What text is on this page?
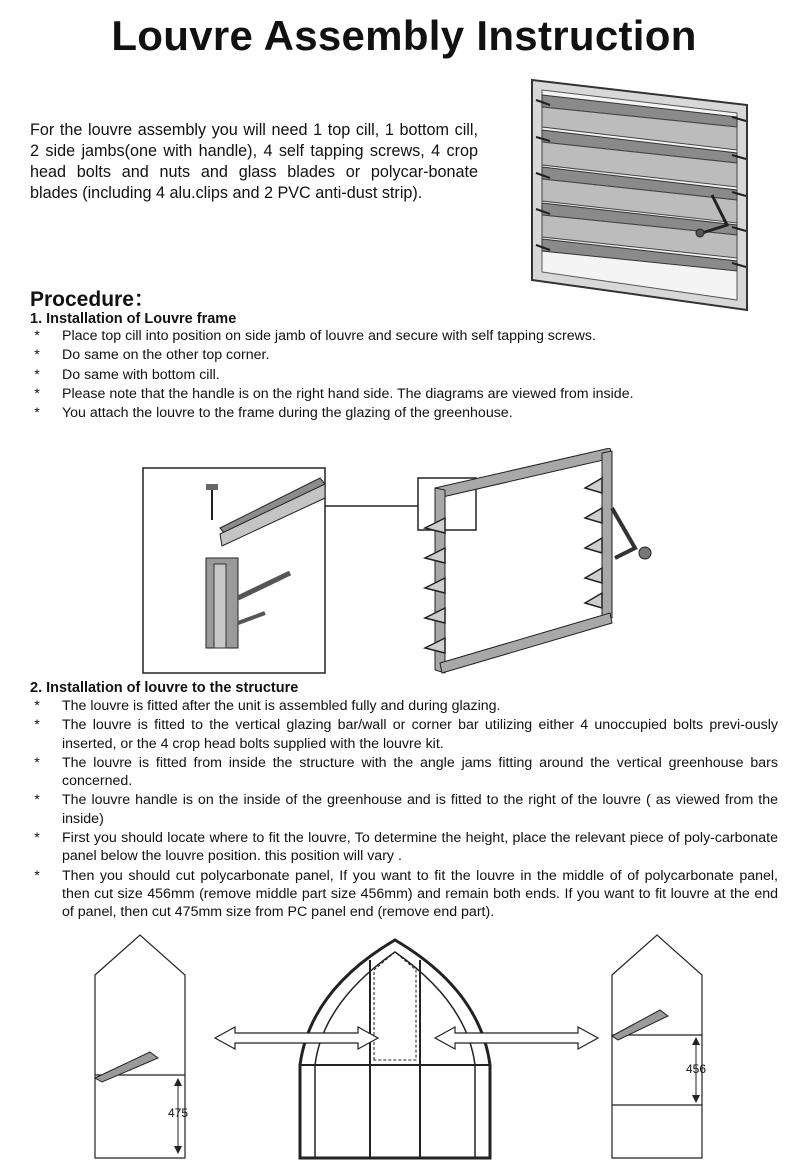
Louvre Assembly Instruction
For the louvre assembly you will need 1 top cill, 1 bottom cill, 2 side jambs(one with handle), 4 self tapping screws, 4 crop head bolts and nuts and glass blades or polycar-bonate blades (including 4 alu.clips and 2 PVC anti-dust strip).
Procedure：
1. Installation of Louvre frame
* Place top cill into position on side jamb of louvre and secure with self tapping screws.
* Do same on the other top corner.
* Do same with bottom cill.
* Please note that the handle is on the right hand side. The diagrams are viewed from inside.
* You attach the louvre to the frame during the glazing of the greenhouse.
2. Installation of louvre to the structure
* The louvre is fitted after the unit is assembled fully and during glazing.
* The louvre is fitted to the vertical glazing bar/wall or corner bar utilizing either 4 unoccupied bolts previ-ously inserted, or the 4 crop head bolts supplied with the louvre kit.
* The louvre is fitted from inside the structure with the angle jams fitting around the vertical greenhouse bars concerned.
* The louvre handle is on the inside of the greenhouse and is fitted to the right of the louvre ( as viewed from the inside)
* First you should locate where to fit the louvre, To determine the height, place the relevant piece of poly-carbonate panel below the louvre position. this position will vary .
* Then you should cut polycarbonate panel, If you want to fit the louvre in the middle of of polycarbonate panel, then cut size 456mm (remove middle part size 456mm) and remain both ends. If you want to fit louvre at the end of panel, then cut 475mm size from PC panel end (remove end part).
475
456
